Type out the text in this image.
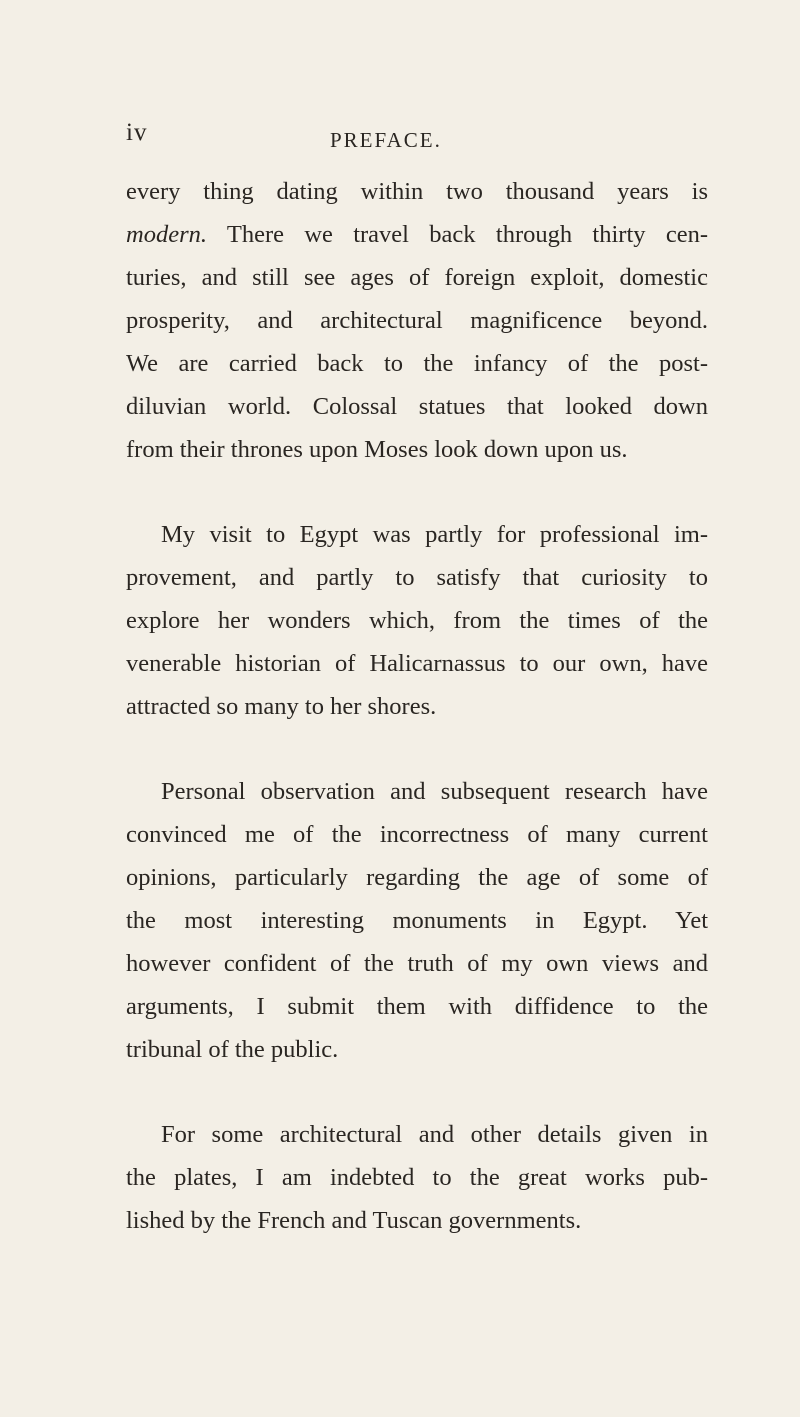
iv	PREFACE.

every thing dating within two thousand years is
modern. There we travel back through thirty cen-
turies, and still see ages of foreign exploit, domestic
prosperity, and architectural magnificence beyond.
We are carried back to the infancy of the post-
diluvian world. Colossal statues that looked down
from their thrones upon Moses look down upon us.

My visit to Egypt was partly for professional im-
provement, and partly to satisfy that curiosity to
explore her wonders which, from the times of the
venerable historian of Halicarnassus to our own, have
attracted so many to her shores.

Personal observation and subsequent research have
convinced me of the incorrectness of many current
opinions, particularly regarding the age of some of
the most interesting monuments in Egypt. Yet
however confident of the truth of my own views and
arguments, I submit them with diffidence to the
tribunal of the public.

For some architectural and other details given in
the plates, I am indebted to the great works pub-
lished by the French and Tuscan governments.
